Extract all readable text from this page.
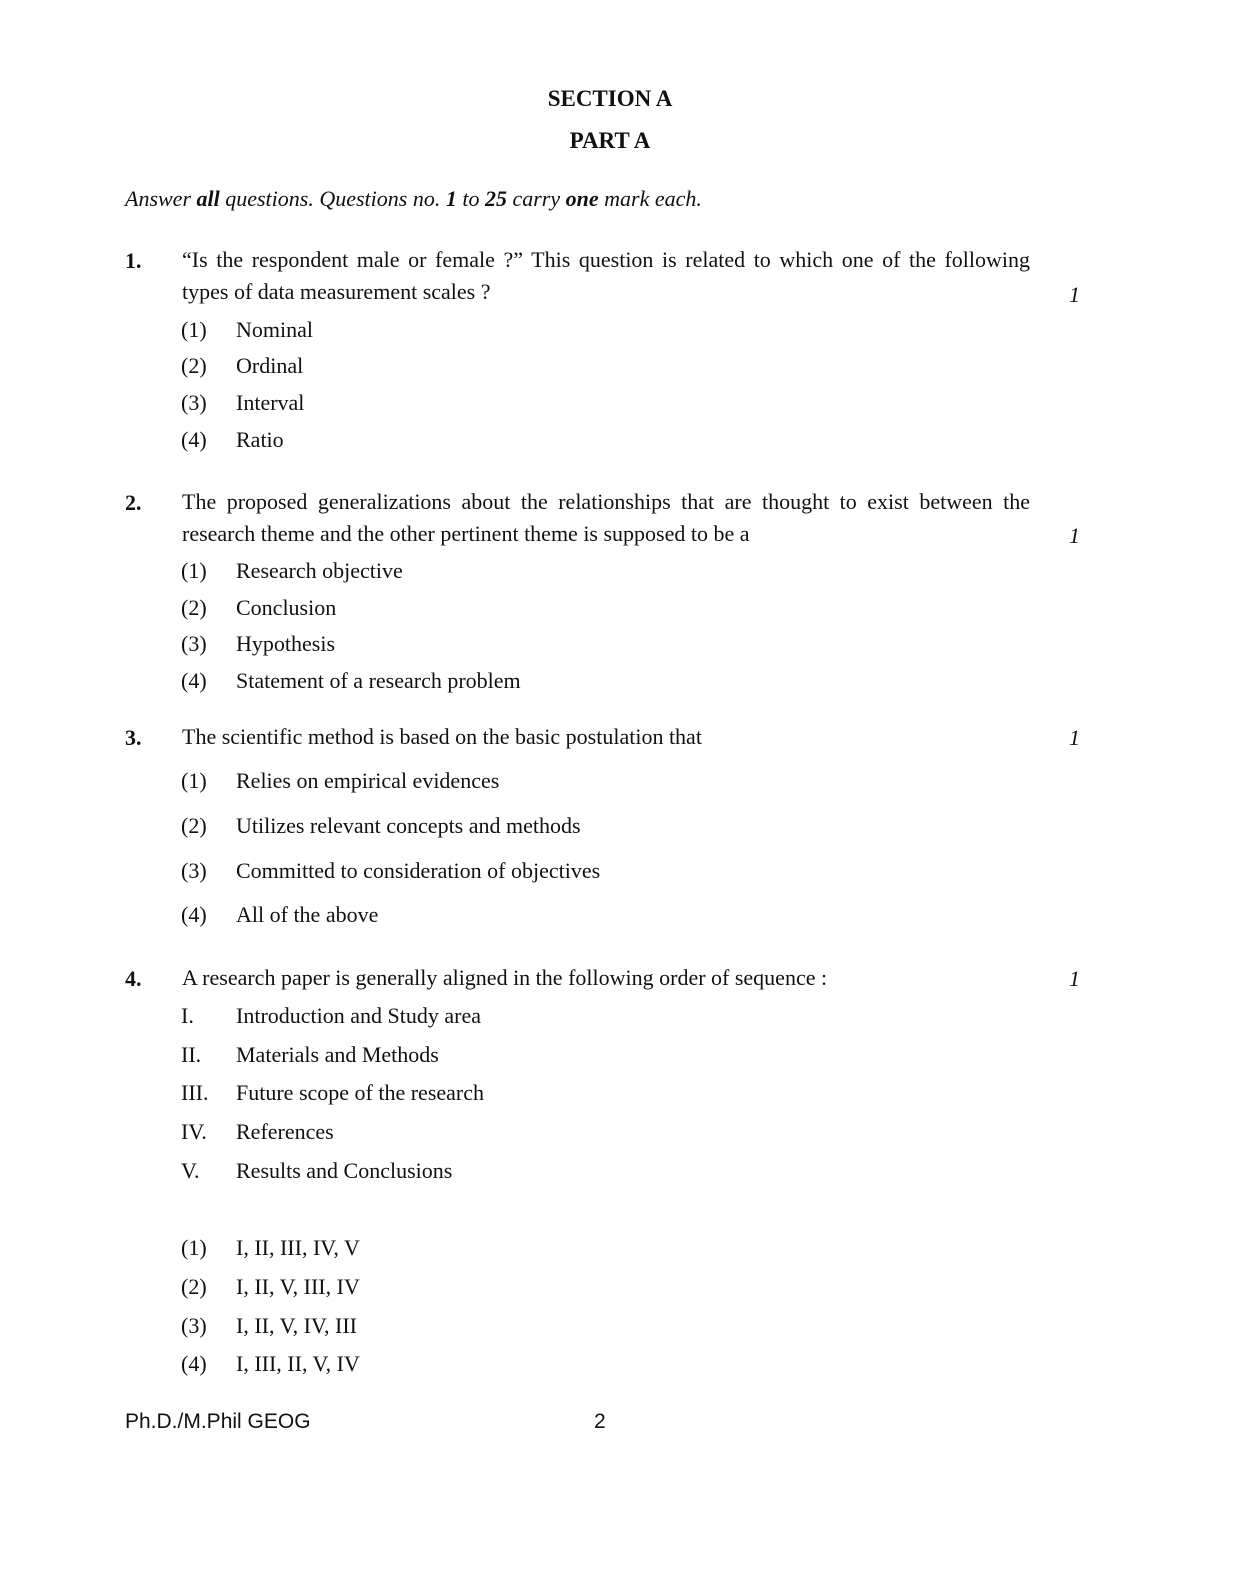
SECTION A
PART A

Answer all questions. Questions no. 1 to 25 carry one mark each.

1. “Is the respondent male or female ?” This question is related to which one of the following types of data measurement scales ?	1
(1) Nominal
(2) Ordinal
(3) Interval
(4) Ratio
2. The proposed generalizations about the relationships that are thought to exist between the research theme and the other pertinent theme is supposed to be a	1
(1) Research objective
(2) Conclusion
(3) Hypothesis
(4) Statement of a research problem
3. The scientific method is based on the basic postulation that	1
(1) Relies on empirical evidences
(2) Utilizes relevant concepts and methods
(3) Committed to consideration of objectives
(4) All of the above
4. A research paper is generally aligned in the following order of sequence :	1
I. Introduction and Study area
II. Materials and Methods
III. Future scope of the research
IV. References
V. Results and Conclusions
(1) I, II, III, IV, V
(2) I, II, V, III, IV
(3) I, II, V, IV, III
(4) I, III, II, V, IV
Ph.D./M.Phil GEOG	2
